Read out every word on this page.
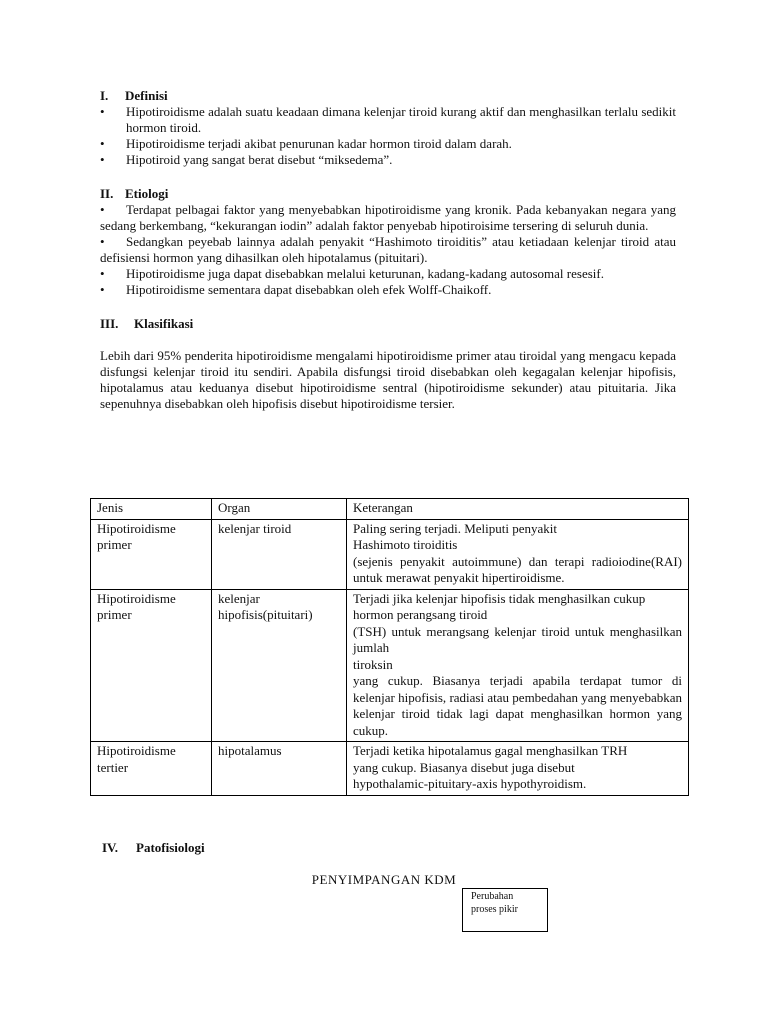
I. Definisi

•	Hipotiroidisme adalah suatu keadaan dimana kelenjar tiroid kurang aktif dan menghasilkan terlalu sedikit hormon tiroid.
•	Hipotiroidisme terjadi akibat penurunan kadar hormon tiroid dalam darah.
•	Hipotiroid yang sangat berat disebut “miksedema”.

II. Etiologi

• Terdapat pelbagai faktor yang menyebabkan hipotiroidisme yang kronik. Pada kebanyakan negara yang sedang berkembang, “kekurangan iodin” adalah faktor penyebab hipotiroisime tersering di seluruh dunia.
• Sedangkan peyebab lainnya adalah penyakit “Hashimoto tiroiditis” atau ketiadaan kelenjar tiroid atau defisiensi hormon yang dihasilkan oleh hipotalamus (pituitari).
• Hipotiroidisme juga dapat disebabkan melalui keturunan, kadang-kadang autosomal resesif.
•	Hipotiroidisme sementara dapat disebabkan oleh efek Wolff-Chaikoff.

III. Klasifikasi

Lebih dari 95% penderita hipotiroidisme mengalami hipotiroidisme primer atau tiroidal yang mengacu kepada disfungsi kelenjar tiroid itu sendiri. Apabila disfungsi tiroid disebabkan oleh kegagalan kelenjar hipofisis, hipotalamus atau keduanya disebut hipotiroidisme sentral (hipotiroidisme sekunder) atau pituitaria. Jika sepenuhnya disebabkan oleh hipofisis disebut hipotiroidisme tersier.

Jenis	Organ	Keterangan
Hipotiroidisme primer	kelenjar tiroid	Paling sering terjadi. Meliputi penyakit
Hashimoto tiroiditis
(sejenis penyakit autoimmune) dan terapi radioiodine(RAI) untuk merawat penyakit hipertiroidisme.

Hipotiroidisme primer	kelenjar hipofisis(pituitari)	Terjadi jika kelenjar hipofisis tidak menghasilkan cukup
hormon perangsang tiroid
(TSH) untuk merangsang kelenjar tiroid untuk menghasilkan jumlah
tiroksin
yang cukup. Biasanya terjadi apabila terdapat tumor di kelenjar hipofisis, radiasi atau pembedahan yang menyebabkan kelenjar tiroid tidak lagi dapat menghasilkan hormon yang cukup.

Hipotiroidisme tertier	hipotalamus	Terjadi ketika hipotalamus gagal menghasilkan TRH
yang cukup. Biasanya disebut juga disebut
hypothalamic-pituitary-axis hypothyroidism.
IV. Patofisiologi
PENYIMPANGAN KDM
Perubahan
proses pikir
